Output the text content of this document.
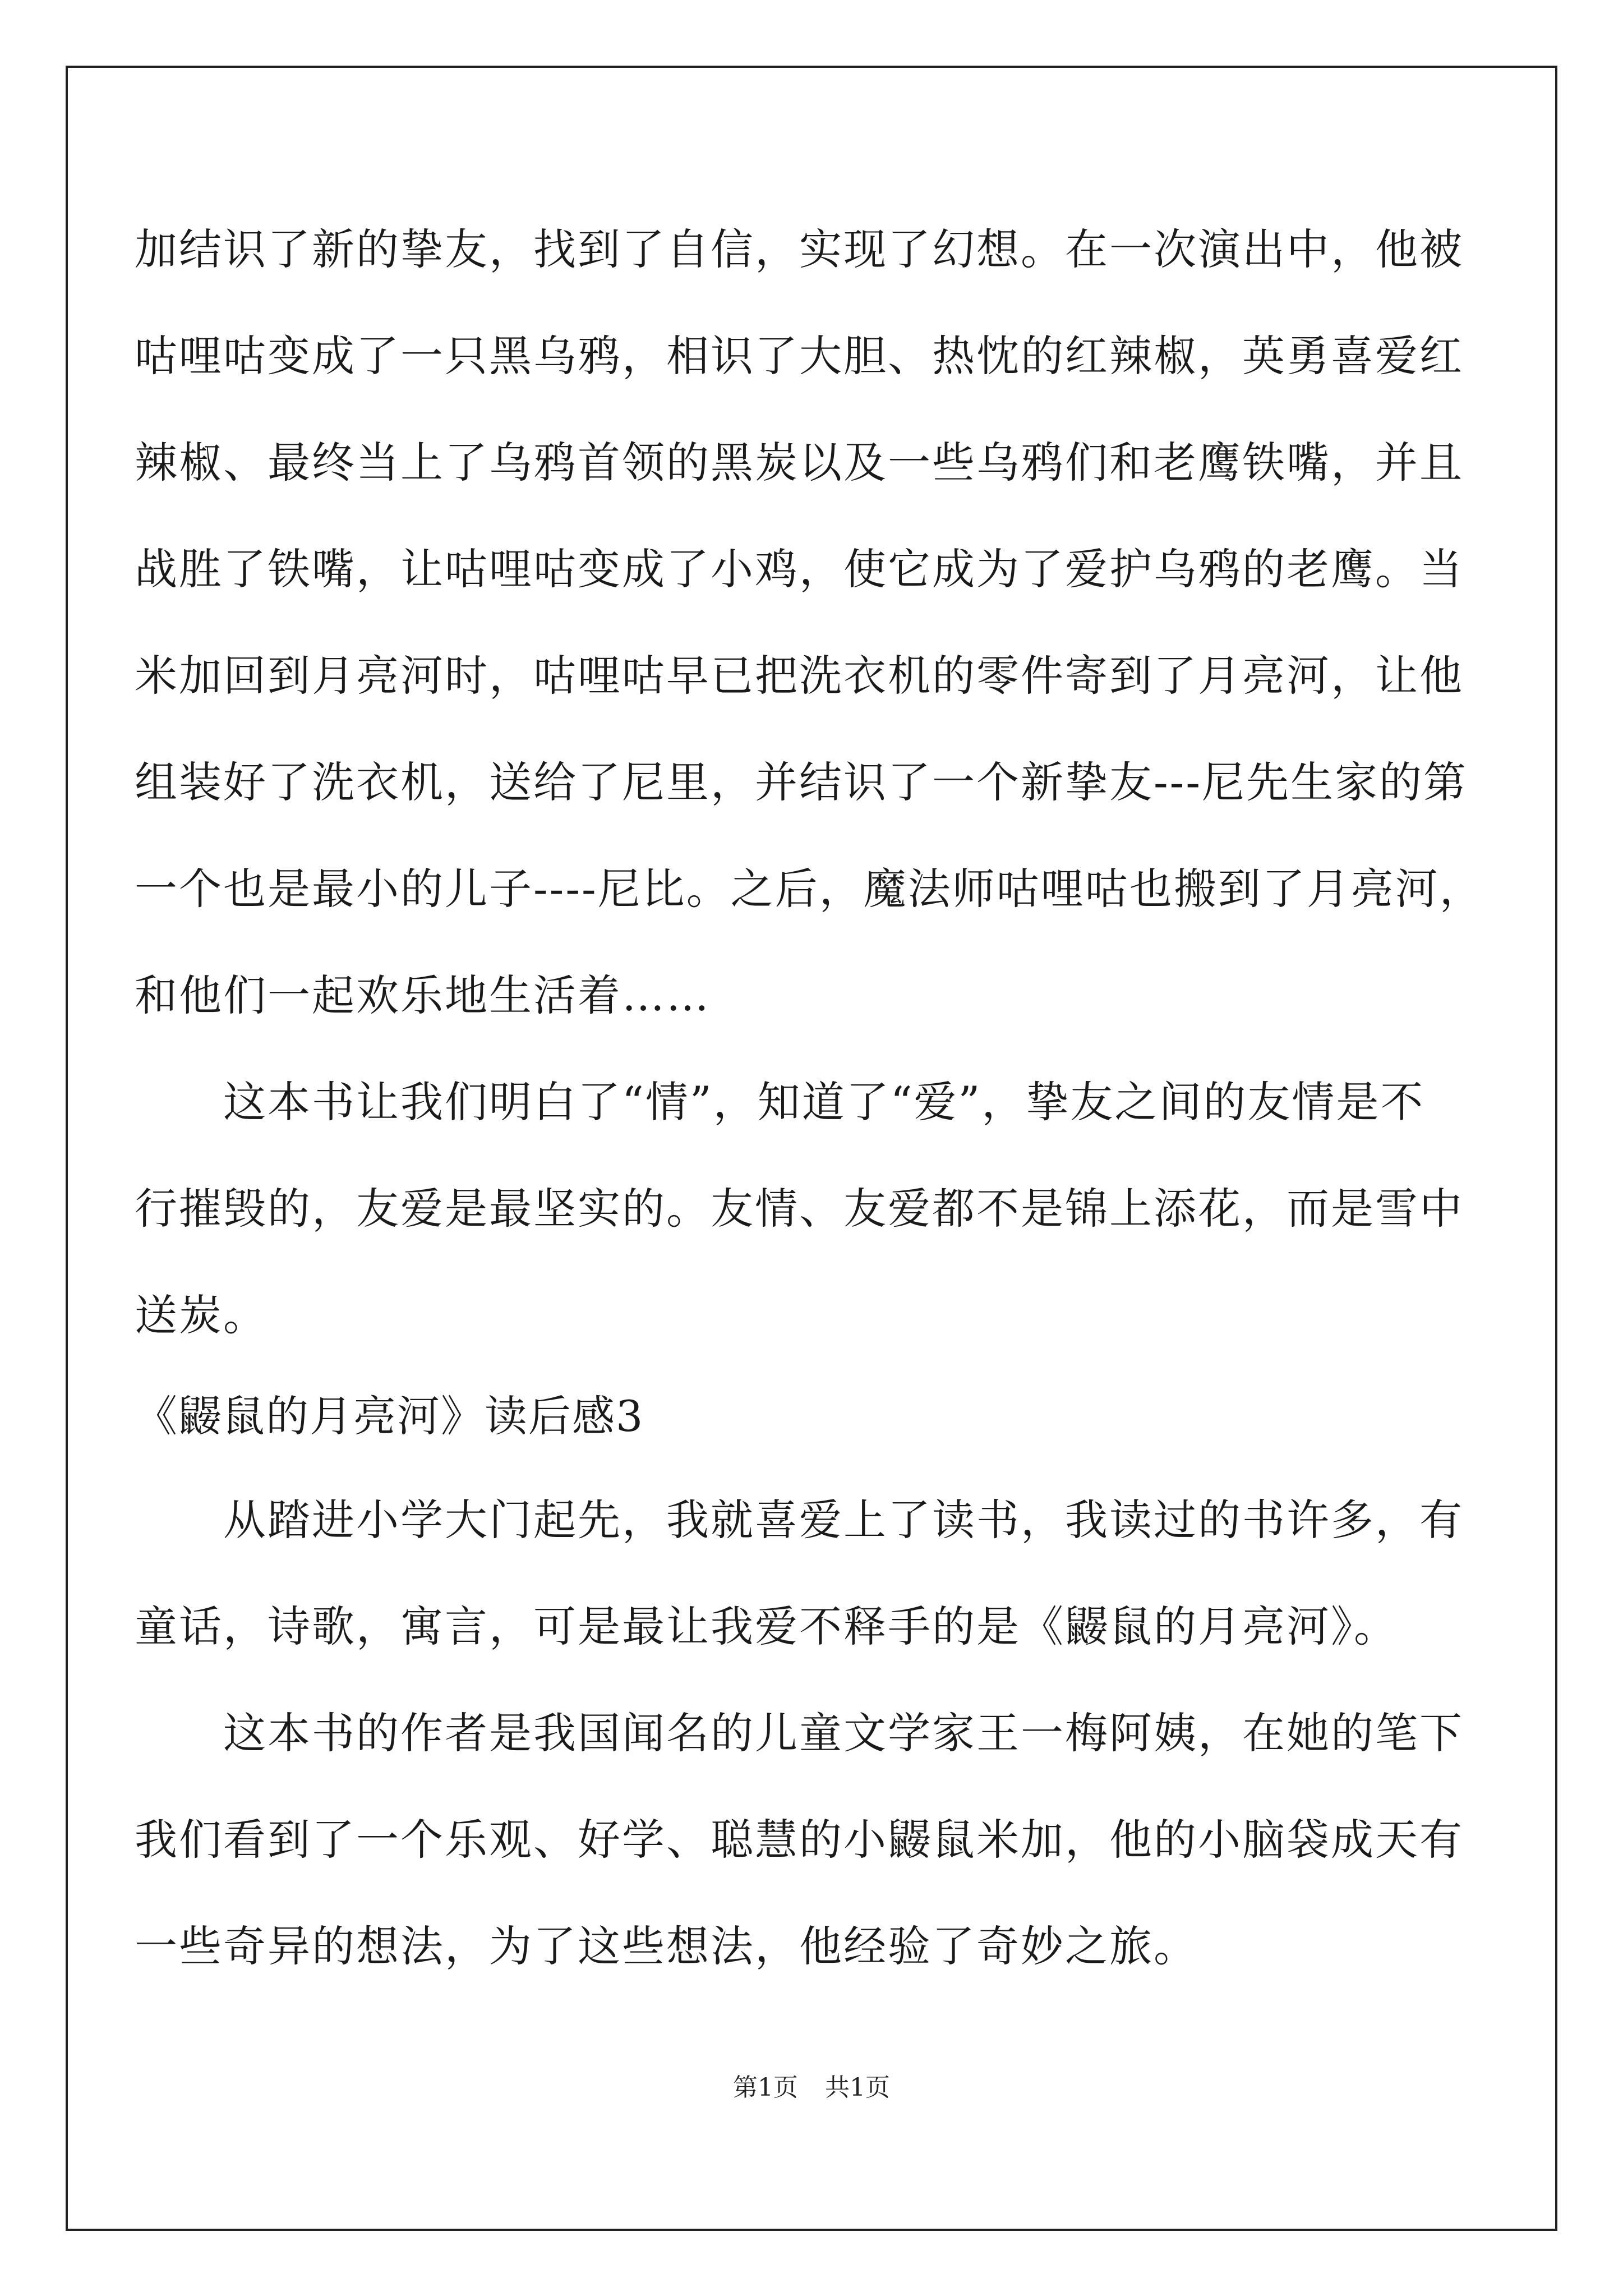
加结识了新的挚友，找到了自信，实现了幻想。在一次演出中，他被
咕哩咕变成了一只黑乌鸦，相识了大胆、热忱的红辣椒，英勇喜爱红
辣椒、最终当上了乌鸦首领的黑炭以及一些乌鸦们和老鹰铁嘴，并且
战胜了铁嘴，让咕哩咕变成了小鸡，使它成为了爱护乌鸦的老鹰。当
米加回到月亮河时，咕哩咕早已把洗衣机的零件寄到了月亮河，让他
组装好了洗衣机，送给了尼里，并结识了一个新挚友---尼先生家的第
一个也是最小的儿子----尼比。之后，魔法师咕哩咕也搬到了月亮河，
和他们一起欢乐地生活着……
　　这本书让我们明白了“情”，知道了“爱”，挚友之间的友情是不
行摧毁的，友爱是最坚实的。友情、友爱都不是锦上添花，而是雪中
送炭。
《鼹鼠的月亮河》读后感3
　　从踏进小学大门起先，我就喜爱上了读书，我读过的书许多，有
童话，诗歌，寓言，可是最让我爱不释手的是《鼹鼠的月亮河》。
　　这本书的作者是我国闻名的儿童文学家王一梅阿姨，在她的笔下
我们看到了一个乐观、好学、聪慧的小鼹鼠米加，他的小脑袋成天有
一些奇异的想法，为了这些想法，他经验了奇妙之旅。
第1页 共1页
